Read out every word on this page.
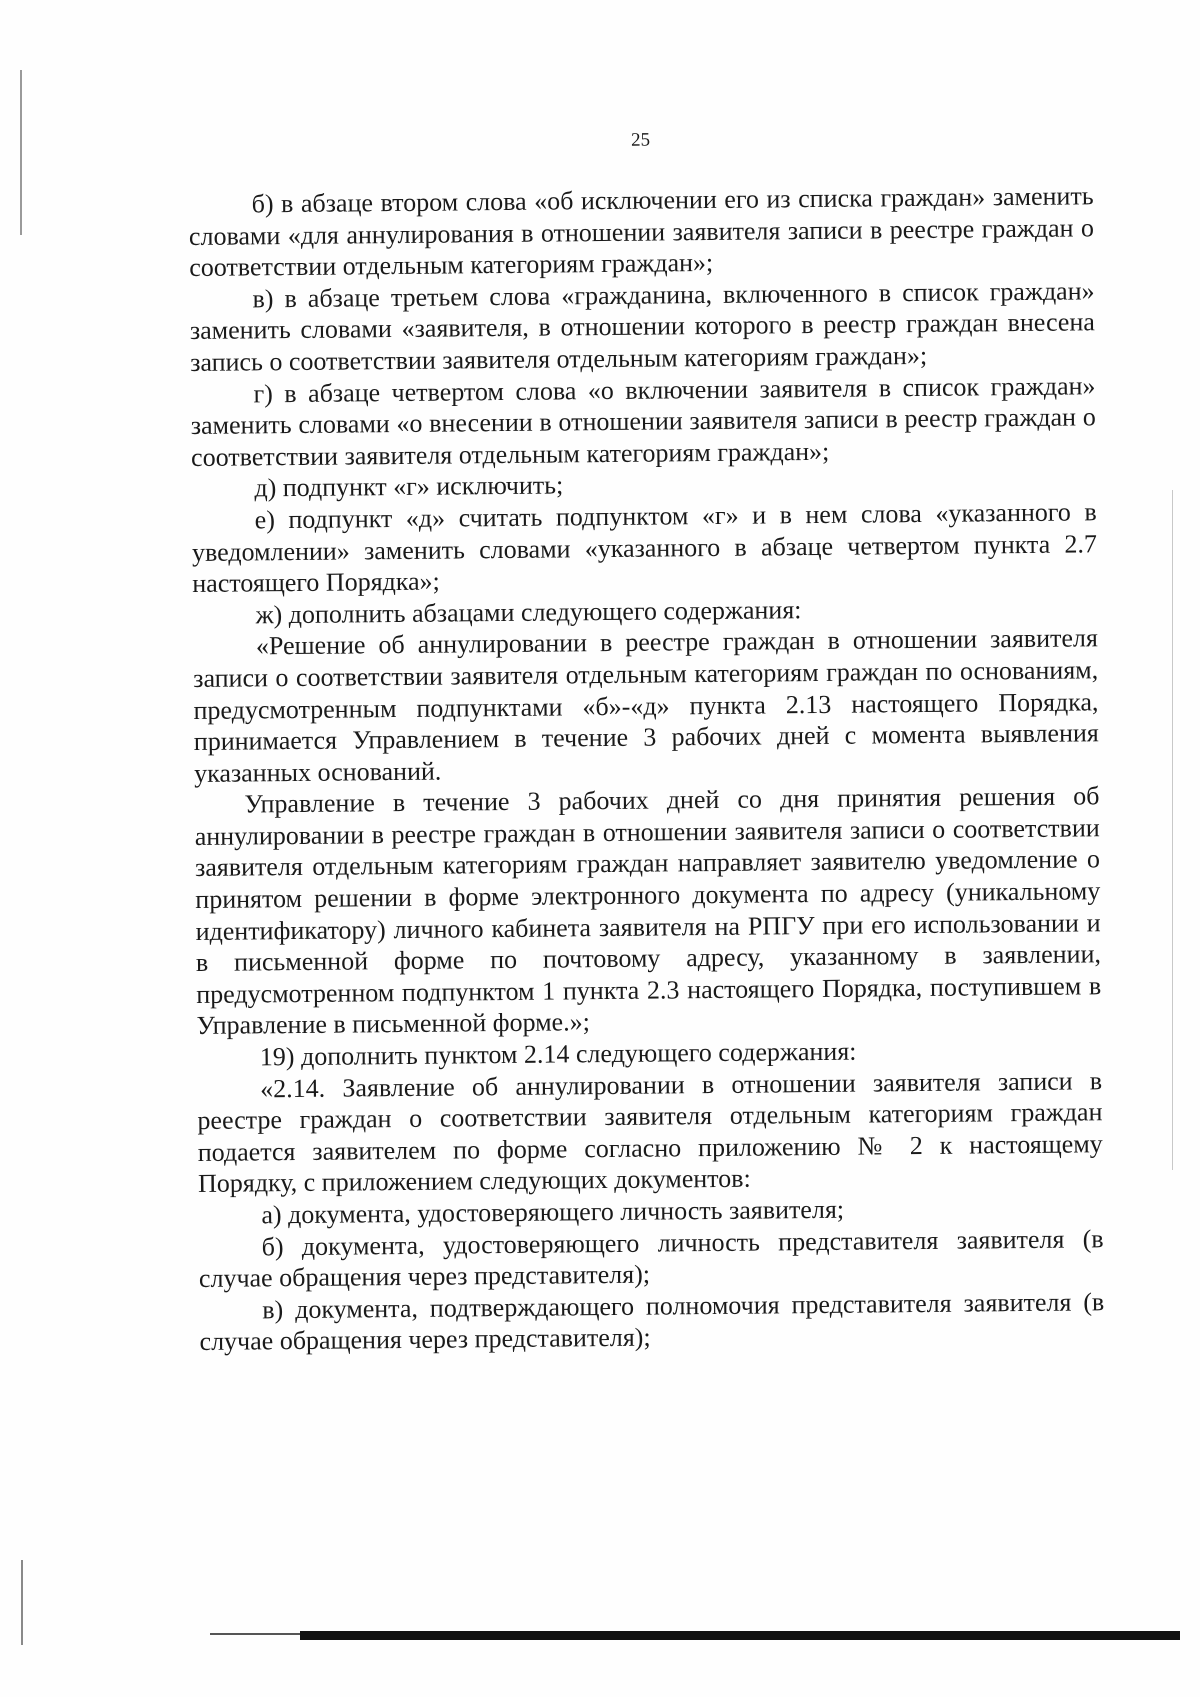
25

б) в абзаце втором слова «об исключении его из списка граждан» заменить словами «для аннулирования в отношении заявителя записи в реестре граждан о соответствии отдельным категориям граждан»;

в) в абзаце третьем слова «гражданина, включенного в список граждан» заменить словами «заявителя, в отношении которого в реестр граждан внесена запись о соответствии заявителя отдельным категориям граждан»;

г) в абзаце четвертом слова «о включении заявителя в список граждан» заменить словами «о внесении в отношении заявителя записи в реестр граждан о соответствии заявителя отдельным категориям граждан»;

д) подпункт «г» исключить;

е) подпункт «д» считать подпунктом «г» и в нем слова «указанного в уведомлении» заменить словами «указанного в абзаце четвертом пункта 2.7 настоящего Порядка»;

ж) дополнить абзацами следующего содержания:

«Решение об аннулировании в реестре граждан в отношении заявителя записи о соответствии заявителя отдельным категориям граждан по основаниям, предусмотренным подпунктами «б»-«д» пункта 2.13 настоящего Порядка, принимается Управлением в течение 3 рабочих дней с момента выявления указанных оснований.

Управление в течение 3 рабочих дней со дня принятия решения об аннулировании в реестре граждан в отношении заявителя записи о соответствии заявителя отдельным категориям граждан направляет заявителю уведомление о принятом решении в форме электронного документа по адресу (уникальному идентификатору) личного кабинета заявителя на РПГУ при его использовании и в письменной форме по почтовому адресу, указанному в заявлении, предусмотренном подпунктом 1 пункта 2.3 настоящего Порядка, поступившем в Управление в письменной форме.»;

19) дополнить пунктом 2.14 следующего содержания:

«2.14. Заявление об аннулировании в отношении заявителя записи в реестре граждан о соответствии заявителя отдельным категориям граждан подается заявителем по форме согласно приложению № 2 к настоящему Порядку, с приложением следующих документов:

а) документа, удостоверяющего личность заявителя;

б) документа, удостоверяющего личность представителя заявителя (в случае обращения через представителя);

в) документа, подтверждающего полномочия представителя заявителя (в случае обращения через представителя);
